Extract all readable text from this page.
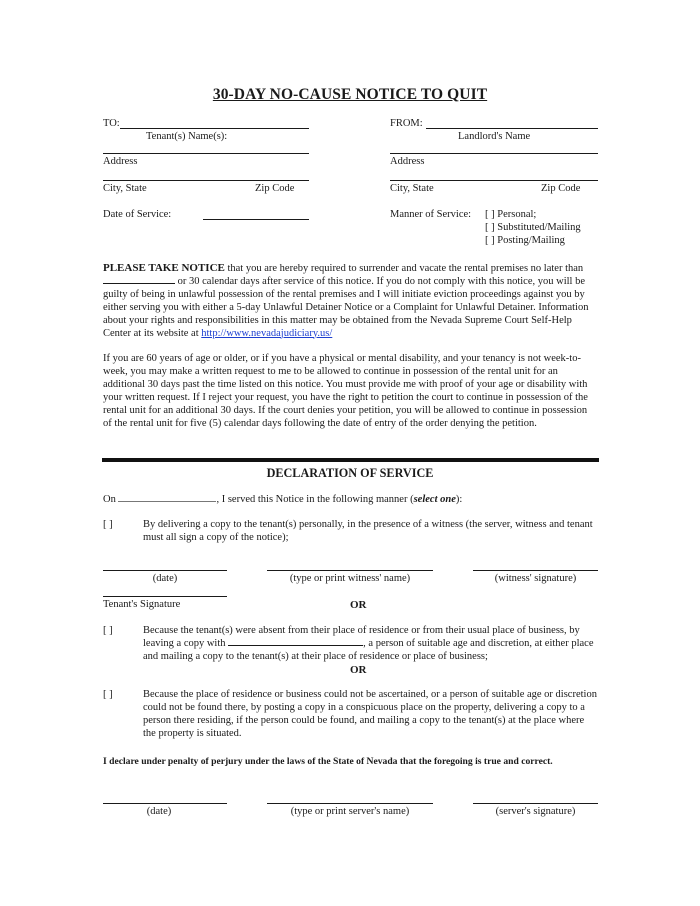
30-DAY NO-CAUSE NOTICE TO QUIT
TO:
Tenant(s) Name(s):
Address
City, State	Zip Code
Date of Service:
FROM:
Landlord's Name
Address
City, State	Zip Code
Manner of Service: [ ] Personal;
[ ] Substituted/Mailing
[ ] Posting/Mailing
PLEASE TAKE NOTICE that you are hereby required to surrender and vacate the rental premises no later than  or 30 calendar days after service of this notice. If you do not comply with this notice, you will be guilty of being in unlawful possession of the rental premises and I will initiate eviction proceedings against you by either serving you with either a 5-day Unlawful Detainer Notice or a Complaint for Unlawful Detainer. Information about your rights and responsibilities in this matter may be obtained from the Nevada Supreme Court Self-Help Center at its website at http://www.nevadajudiciary.us/
If you are 60 years of age or older, or if you have a physical or mental disability, and your tenancy is not week-to-week, you may make a written request to me to be allowed to continue in possession of the rental unit for an additional 30 days past the time listed on this notice. You must provide me with proof of your age or disability with your written request. If I reject your request, you have the right to petition the court to continue in possession of the rental unit for an additional 30 days. If the court denies your petition, you will be allowed to continue in possession of the rental unit for five (5) calendar days following the date of entry of the order denying the petition.
DECLARATION OF SERVICE
On	, I served this Notice in the following manner (select one):
[ ]	By delivering a copy to the tenant(s) personally, in the presence of a witness (the server, witness and tenant must all sign a copy of the notice);
(date)	(type or print witness' name)	(witness' signature)
Tenant's Signature	OR
[ ]	Because the tenant(s) were absent from their place of residence or from their usual place of business, by leaving a copy with	, a person of suitable age and discretion, at either place and mailing a copy to the tenant(s) at their place of residence or place of business;
OR
[ ]	Because the place of residence or business could not be ascertained, or a person of suitable age or discretion could not be found there, by posting a copy in a conspicuous place on the property, delivering a copy to a person there residing, if the person could be found, and mailing a copy to the tenant(s) at the place where the property is situated.
I declare under penalty of perjury under the laws of the State of Nevada that the foregoing is true and correct.
(date)	(type or print server's name)	(server's signature)
